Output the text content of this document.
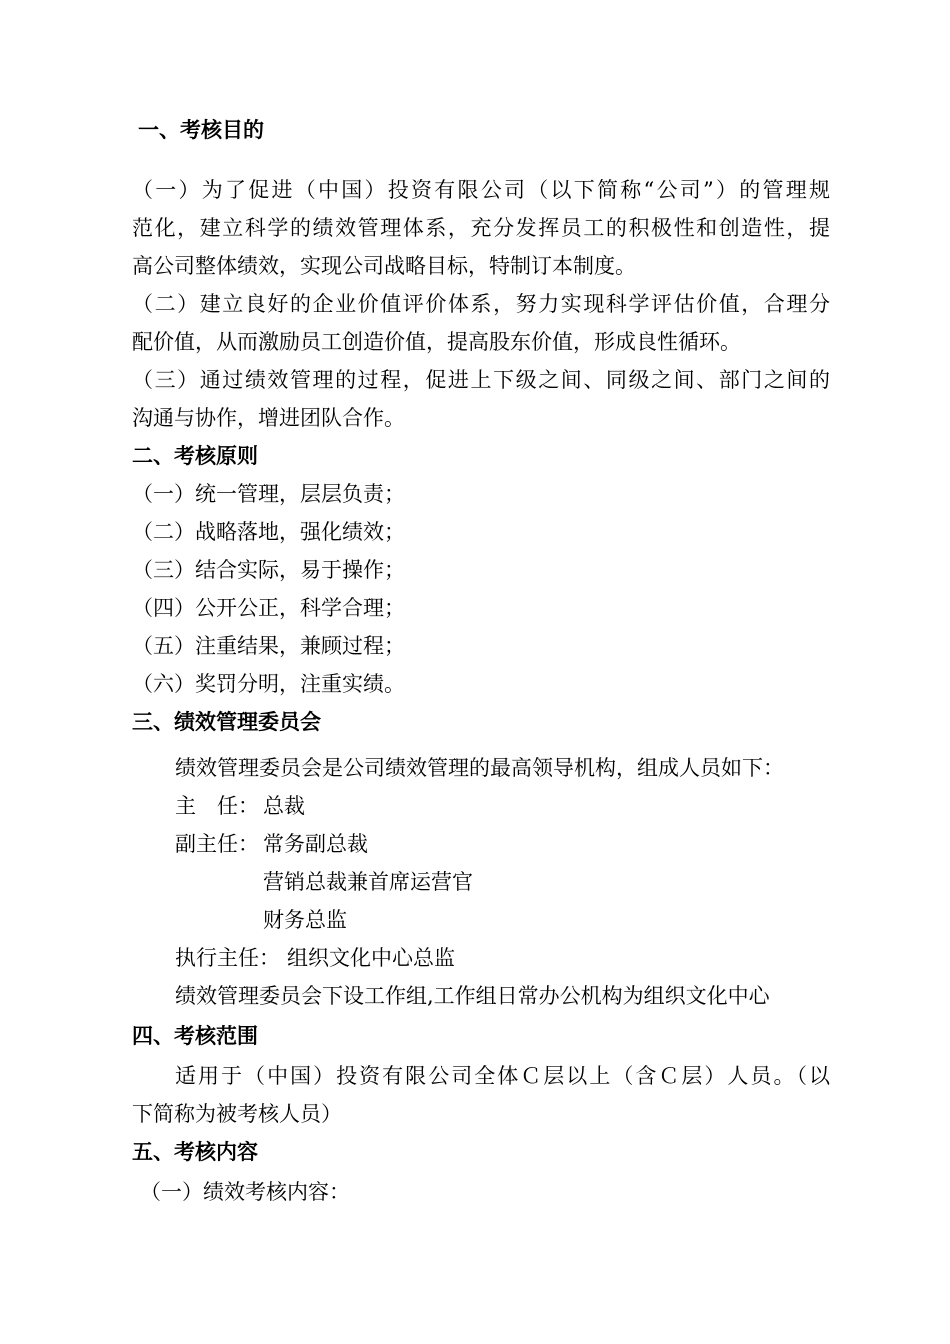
一、考核目的
（一）为了促进（中国）投资有限公司（以下简称“公司”）的管理规
范化，建立科学的绩效管理体系，充分发挥员工的积极性和创造性，提
高公司整体绩效，实现公司战略目标，特制订本制度。
（二）建立良好的企业价值评价体系，努力实现科学评估价值，合理分
配价值，从而激励员工创造价值，提高股东价值，形成良性循环。
（三）通过绩效管理的过程，促进上下级之间、同级之间、部门之间的
沟通与协作，增进团队合作。
二、考核原则
（一）统一管理，层层负责；
（二）战略落地，强化绩效；
（三）结合实际，易于操作；
（四）公开公正，科学合理；
（五）注重结果，兼顾过程；
（六）奖罚分明，注重实绩。
三、绩效管理委员会
绩效管理委员会是公司绩效管理的最高领导机构，组成人员如下：
主　任： 总裁
副主任： 常务副总裁
营销总裁兼首席运营官
财务总监
执行主任： 组织文化中心总监
绩效管理委员会下设工作组,工作组日常办公机构为组织文化中心
四、考核范围
适用于（中国）投资有限公司全体Ｃ层以上（含Ｃ层）人员。（以
下简称为被考核人员）
五、考核内容
（一）绩效考核内容：
